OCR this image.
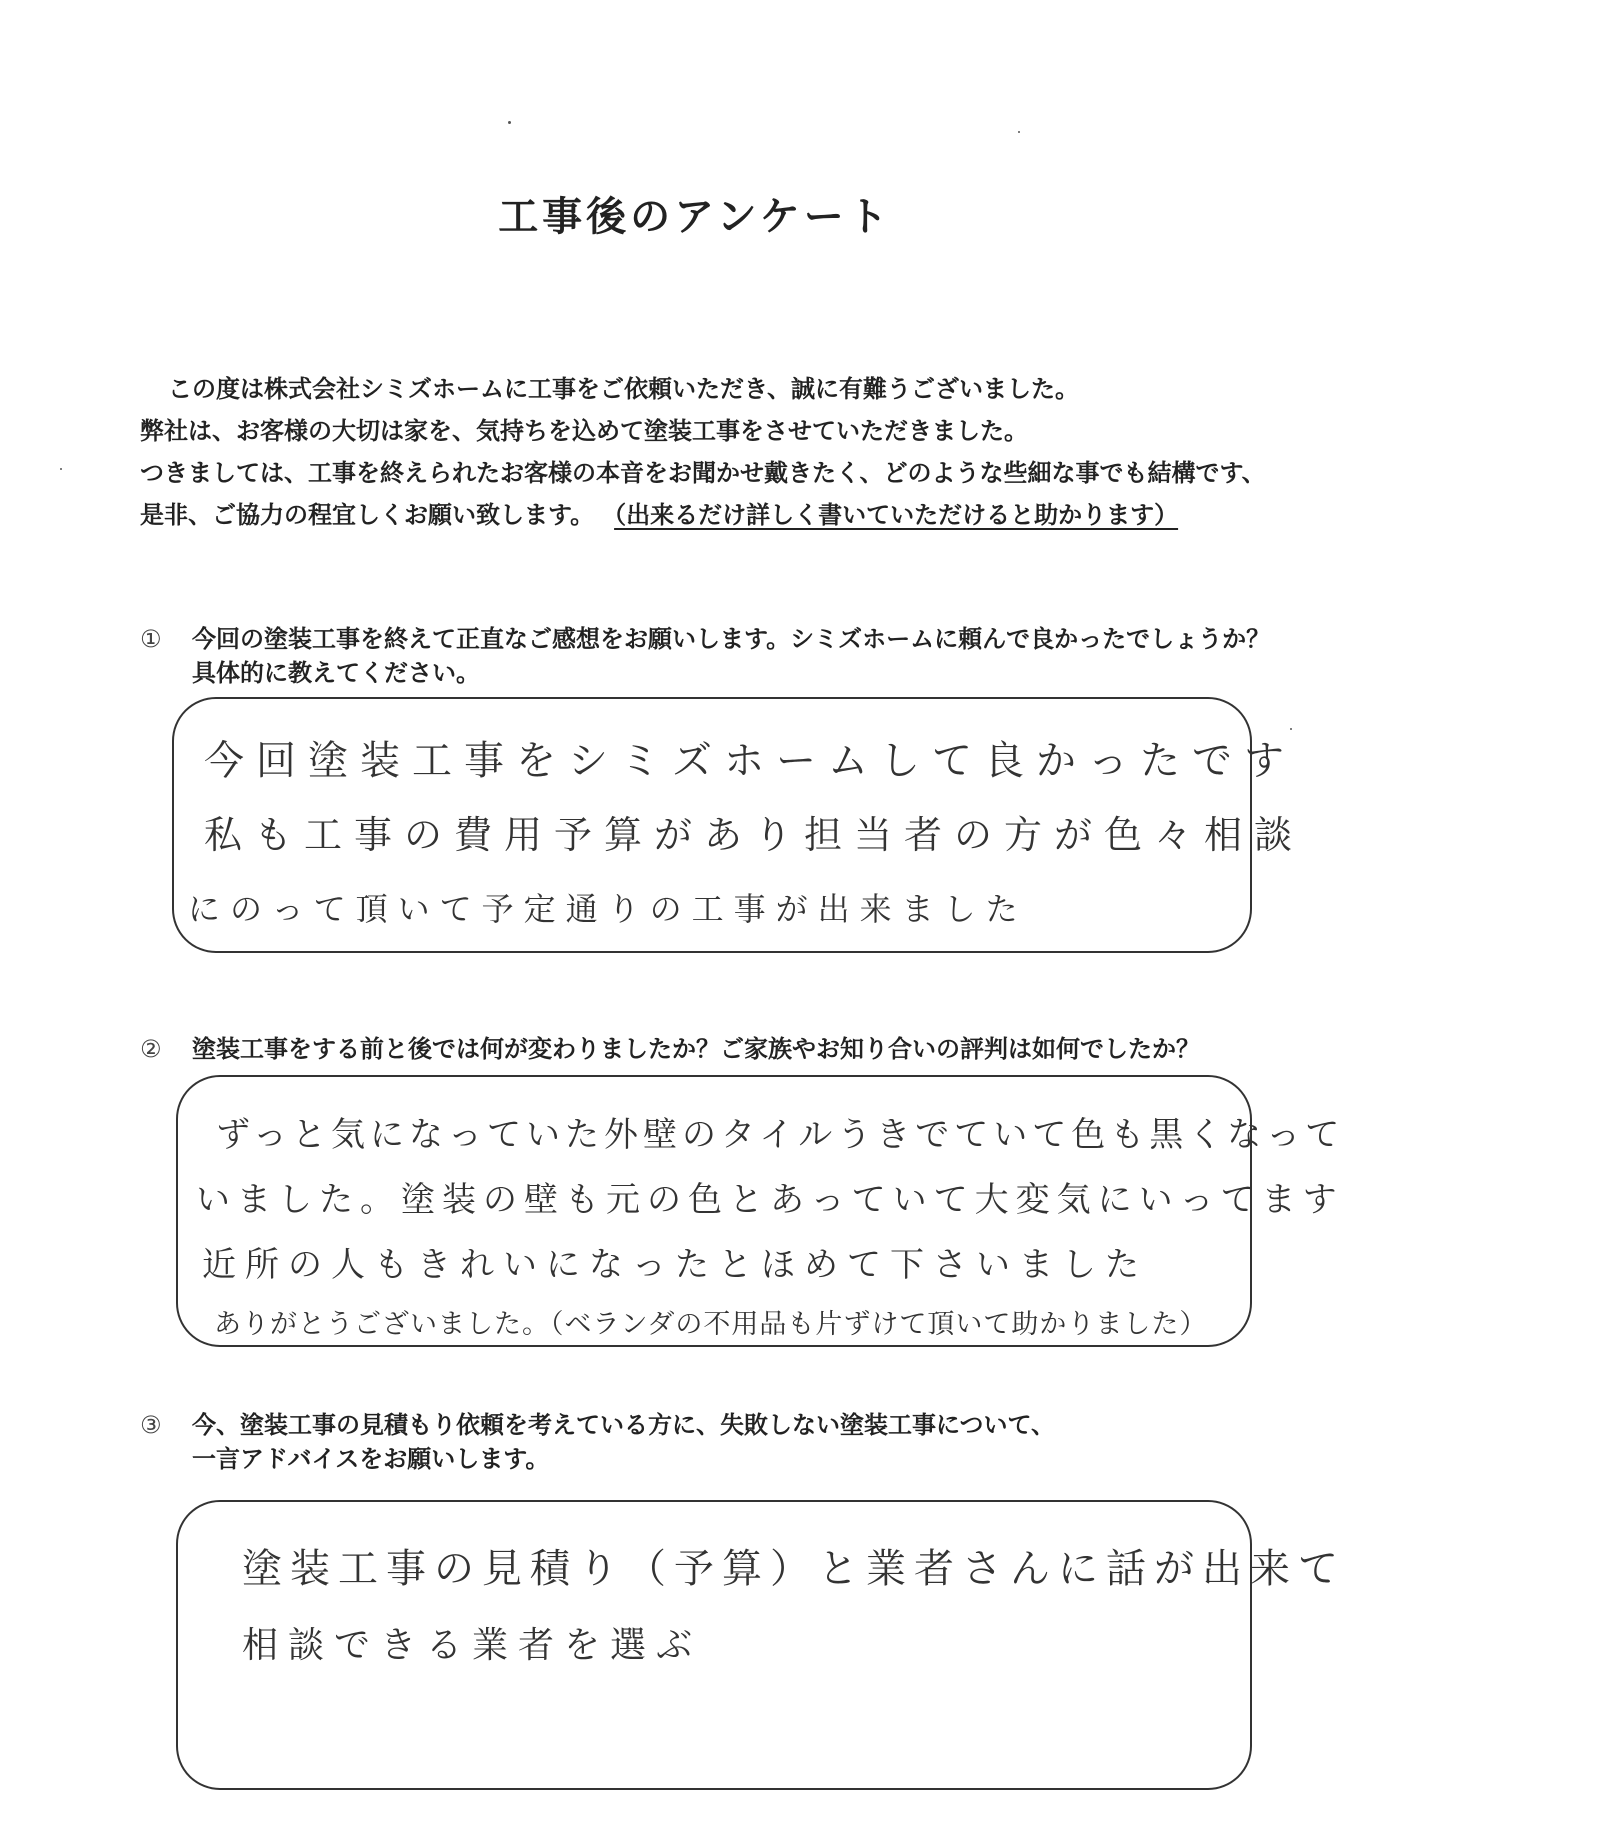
工事後のアンケート
この度は株式会社シミズホームに工事をご依頼いただき、誠に有難うございました。
弊社は、お客様の大切は家を、気持ちを込めて塗装工事をさせていただきました。
つきましては、工事を終えられたお客様の本音をお聞かせ戴きたく、どのような些細な事でも結構です、
是非、ご協力の程宜しくお願い致します。 （出来るだけ詳しく書いていただけると助かります）
① 今回の塗装工事を終えて正直なご感想をお願いします。シミズホームに頼んで良かったでしょうか？
具体的に教えてください。
今回塗装工事をシミズホームして良かったです
私も工事の費用予算があり担当者の方が色々相談
にのって頂いて予定通りの工事が出来ました
② 塗装工事をする前と後では何が変わりましたか？ご家族やお知り合いの評判は如何でしたか？
ずっと気になっていた外壁のタイルうきでていて色も黒くなって
いました。塗装の壁も元の色とあっていて大変気にいってます
近所の人もきれいになったとほめて下さいました
ありがとうございました。（ベランダの不用品も片ずけて頂いて助かりました）
③ 今、塗装工事の見積もり依頼を考えている方に、失敗しない塗装工事について、
一言アドバイスをお願いします。
塗装工事の見積り（予算）と業者さんに話が出来て
相談できる業者を選ぶ
